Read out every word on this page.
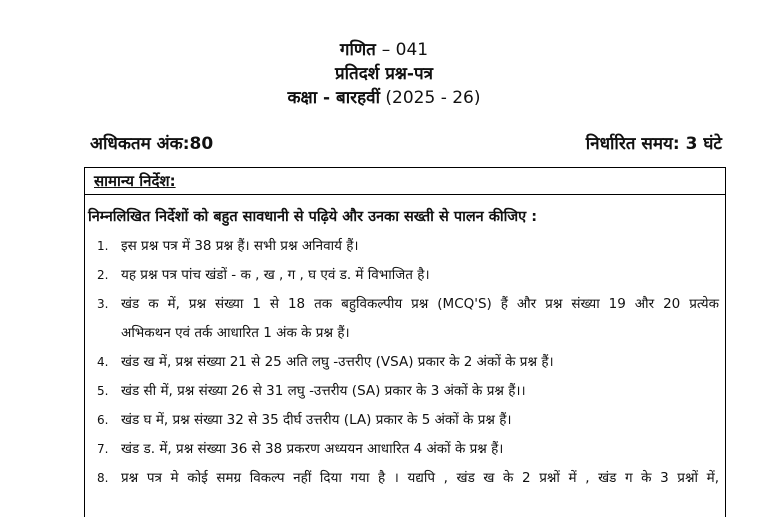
गणित – 041
प्रतिदर्श प्रश्न-पत्र
कक्षा - बारहवीं (2025 - 26)
अधिकतम अंक:80	निर्धारित समय: 3 घंटे
सामान्य निर्देश:
निम्नलिखित निर्देशों को बहुत सावधानी से पढ़िये और उनका सख्ती से पालन कीजिए :
1. इस प्रश्न पत्र में 38 प्रश्न हैं। सभी प्रश्न अनिवार्य हैं।
2. यह प्रश्न पत्र पांच खंडों - क , ख , ग , घ एवं ड. में विभाजित है।
3. खंड क में, प्रश्न संख्या 1 से 18 तक बहुविकल्पीय प्रश्न (MCQ'S) हैं और प्रश्न संख्या 19 और 20 प्रत्येक
अभिकथन एवं तर्क आधारित 1 अंक के प्रश्न हैं।
4. खंड ख में, प्रश्न संख्या 21 से 25 अति लघु -उत्तरीए (VSA) प्रकार के 2 अंकों के प्रश्न हैं।
5. खंड सी में, प्रश्न संख्या 26 से 31 लघु -उत्तरीय (SA) प्रकार के 3 अंकों के प्रश्न हैं।।
6. खंड घ में, प्रश्न संख्या 32 से 35 दीर्घ उत्तरीय (LA) प्रकार के 5 अंकों के प्रश्न हैं।
7. खंड ड. में, प्रश्न संख्या 36 से 38 प्रकरण अध्ययन आधारित 4 अंकों के प्रश्न हैं।
8. प्रश्न पत्र मे कोई समग्र विकल्प नहीं दिया गया है । यद्यपि , खंड ख के 2 प्रश्नों में , खंड ग के 3 प्रश्नों में,
